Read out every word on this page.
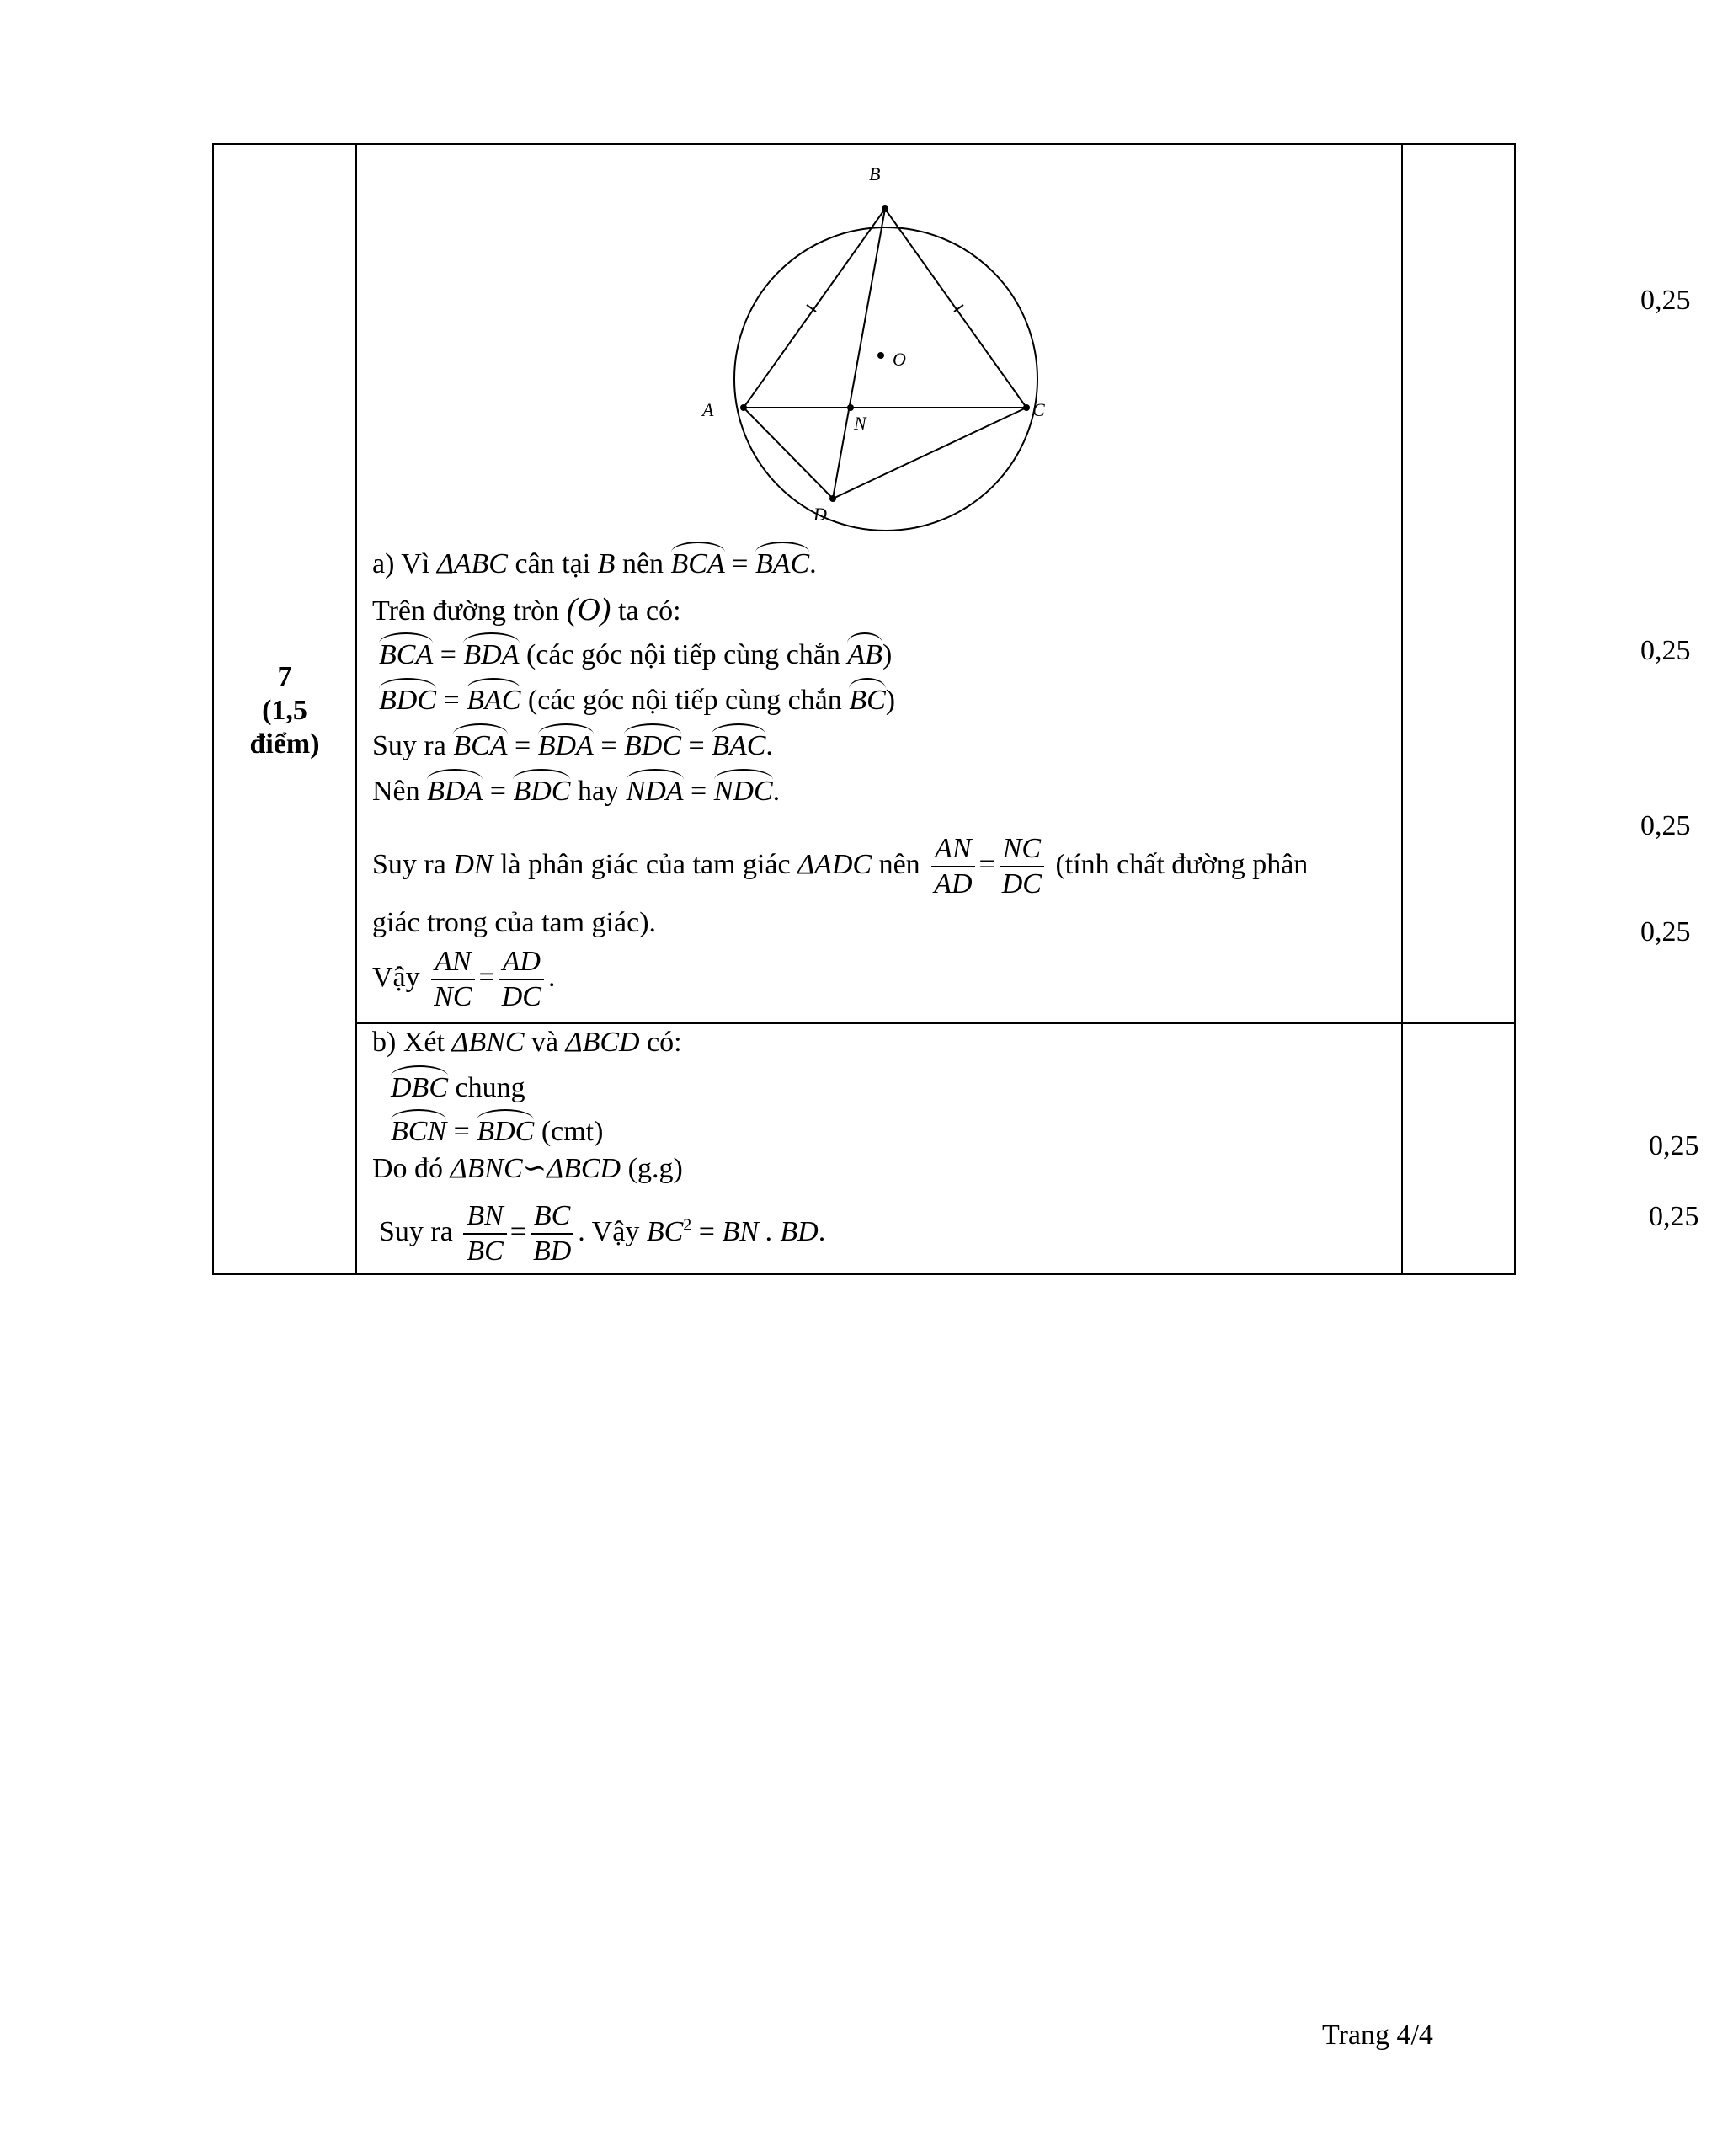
7
(1,5
điểm)
B
A	C
D
N
O
a) Vì ΔABC cân tại B nên BCA = BAC.
Trên đường tròn (O) ta có:
BCA = BDA (các góc nội tiếp cùng chắn AB)
BDC = BAC (các góc nội tiếp cùng chắn BC)
Suy ra BCA = BDA = BDC = BAC.
Nên BDA = BDC hay NDA = NDC.
Suy ra DN là phân giác của tam giác ΔADC nên $\frac{AN}{AD} = \frac{NC}{DC}$ (tính chất đường phân
giác trong của tam giác).
Vậy $\frac{AN}{NC} = \frac{AD}{DC}$ .
b) Xét ΔBNC và ΔBCD có:
DBC chung
BCN = BDC (cmt)
Do đó ΔBNC∽ΔBCD (g.g)
Suy ra $\frac{BN}{BC} = \frac{BC}{BD}$ . Vậy $BC^2$ = BN . BD.
0,25
0,25
0,25
0,25
0,25
0,25
Trang 4/4
